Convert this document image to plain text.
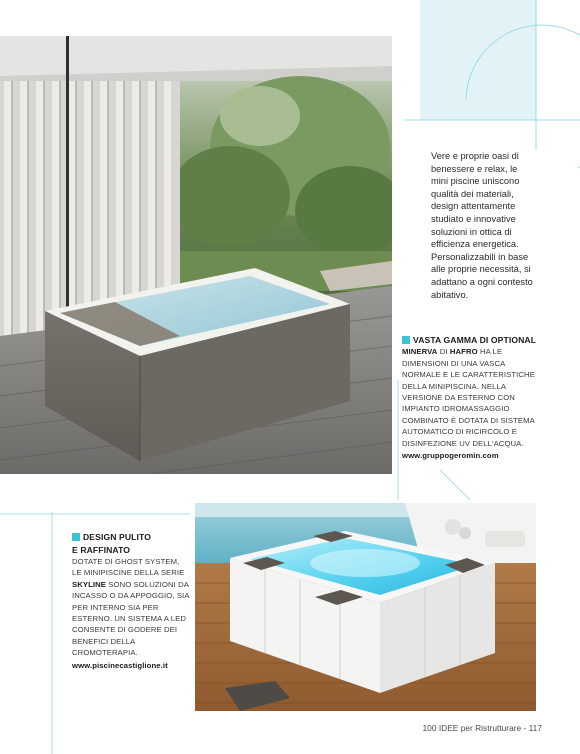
Vere e proprie oasi di benessere e relax, le mini piscine uniscono qualità dei materiali, design attentamente studiato e innovative soluzioni in ottica di efficienza energetica. Personalizzabili in base alle proprie necessità, si adattano a ogni contesto abitativo.

VASTA GAMMA DI OPTIONAL
MINERVA DI HAFRO HA LE DIMENSIONI DI UNA VASCA NORMALE E LE CARATTERISTICHE DELLA MINIPISCINA. NELLA VERSIONE DA ESTERNO CON IMPIANTO IDROMASSAGGIO COMBINATO È DOTATA DI SISTEMA AUTOMATICO DI RICIRCOLO E DISINFEZIONE UV DELL'ACQUA.
www.gruppogeromin.com
DESIGN PULITO
E RAFFINATO
DOTATE DI GHOST SYSTEM, LE MINIPISCINE DELLA SERIE SKYLINE SONO SOLUZIONI DA INCASSO O DA APPOGGIO, SIA PER INTERNO SIA PER ESTERNO. UN SISTEMA A LED CONSENTE DI GODERE DEI BENEFICI DELLA CROMOTERAPIA.
www.piscinecastiglione.it
100 IDEE per Ristrutturare - 117
